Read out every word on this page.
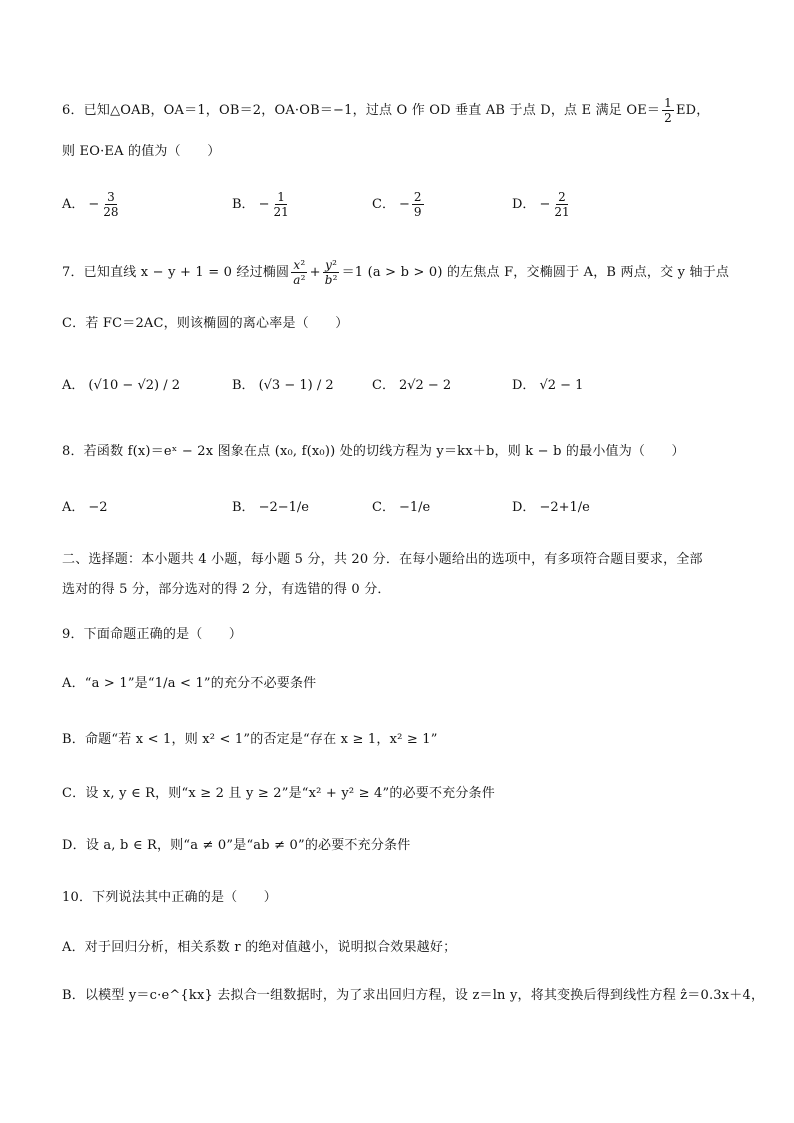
6．已知△OAB，OA＝1，OB＝2，OA·OB＝−1，过点 O 作 OD 垂直 AB 于点 D，点 E 满足 $OE= \frac{1}{2}$ ED，
则 EO·EA 的值为（　　）
A． − $\frac{3}{28}$	B． − $\frac{1}{21}$	C． − $\frac{2}{9}$	D． − $\frac{2}{21}$
7．已知直线 x − y + 1 = 0 经过椭圆 $\frac{\text{x²}}{\text{a²}} + \frac{\text{y²}}{\text{b²}} =1$ (a > b > 0) 的左焦点 F，交椭圆于 A，B 两点，交 y 轴于点
C．若 FC＝2AC，则该椭圆的离心率是（　　）
A． (√10 − √2) / 2	B． (√3 − 1) / 2	C． 2√2 − 2	D． √2 − 1
8．若函数 f(x)＝eˣ − 2x 图象在点 (x₀, f(x₀)) 处的切线方程为 y＝kx＋b，则 k − b 的最小值为（　　）
A． −2	B． −2−1/e	C． −1/e	D． −2+1/e
二、选择题：本小题共 4 小题，每小题 5 分，共 20 分．在每小题给出的选项中，有多项符合题目要求，全部
选对的得 5 分，部分选对的得 2 分，有选错的得 0 分．
9．下面命题正确的是（　　）
A．“a > 1”是“1/a < 1”的充分不必要条件
B．命题“若 x < 1，则 x² < 1”的否定是“存在 x ≥ 1，x² ≥ 1”
C．设 x, y ∈ R，则“x ≥ 2 且 y ≥ 2”是“x² + y² ≥ 4”的必要不充分条件
D．设 a, b ∈ R，则“a ≠ 0”是“ab ≠ 0”的必要不充分条件
10．下列说法其中正确的是（　　）
A．对于回归分析，相关系数 r 的绝对值越小，说明拟合效果越好；
B．以模型 y＝c·e^{kx} 去拟合一组数据时，为了求出回归方程，设 z＝ln y，将其变换后得到线性方程 ẑ＝0.3x＋4，
